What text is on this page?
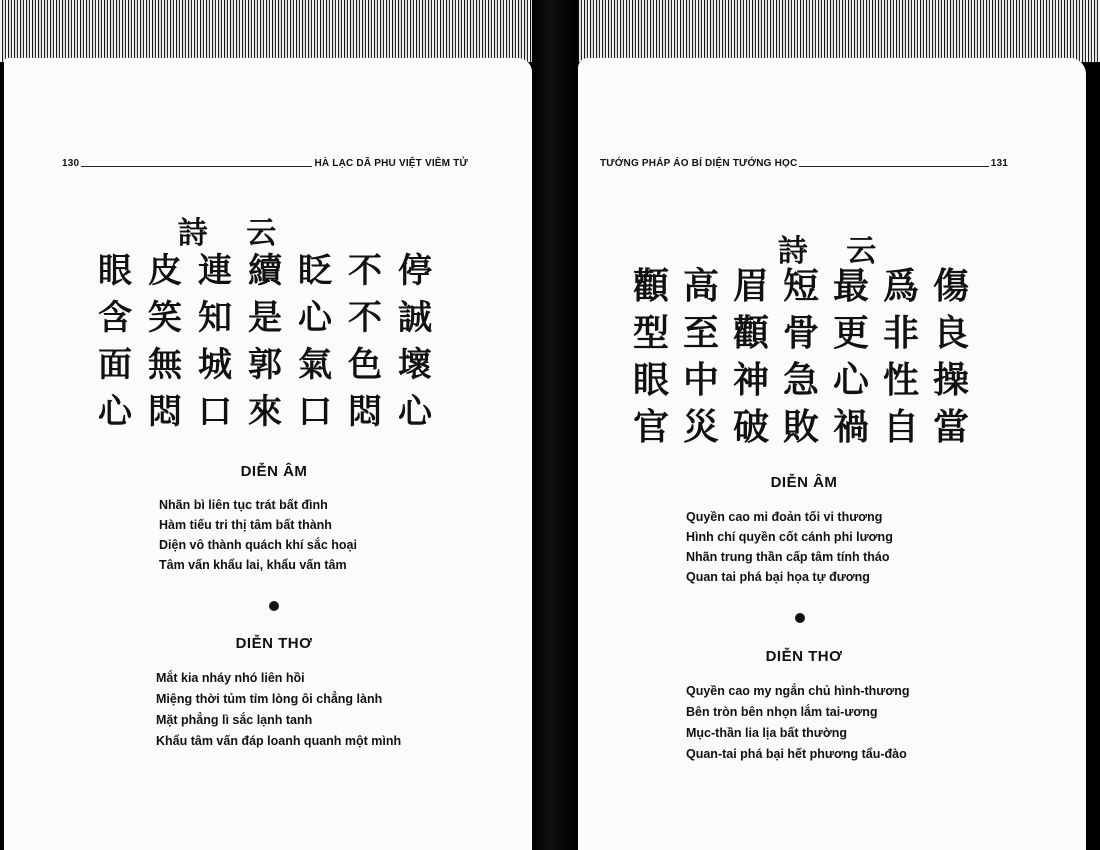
130	HÀ LẠC DÃ PHU VIỆT VIÊM TỬ
詩 云
眼 皮 連 續 眨 不 停
含 笑 知 是 心 不 誠
面 無 城 郭 氣 色 壞
心 悶 口 來 口 悶 心
DIỄN ÂM
Nhãn bì liên tục trát bất đình
Hàm tiếu tri thị tâm bất thành
Diện vô thành quách khí sắc hoại
Tâm vấn khẩu lai, khẩu vấn tâm
DIỄN THƠ
Mắt kia nháy nhó liên hồi
Miệng thời tủm tỉm lòng ôi chẳng lành
Mặt phẳng lì sắc lạnh tanh
Khẩu tâm vấn đáp loanh quanh một mình
TƯỚNG PHÁP ÁO BÍ DIỆN TƯỚNG HỌC	131
詩 云
顴 高 眉 短 最 爲 傷
型 至 顴 骨 更 非 良
眼 中 神 急 心 性 操
官 災 破 敗 禍 自 當
DIỄN ÂM
Quyền cao mi đoản tối vi thương
Hình chí quyền cốt cánh phi lương
Nhãn trung thần cấp tâm tính tháo
Quan tai phá bại họa tự đương
DIỄN THƠ
Quyền cao my ngắn chủ hình-thương
Bên tròn bên nhọn lắm tai-ương
Mục-thần lia lịa bất thường
Quan-tai phá bại hết phương tẩu-đào
